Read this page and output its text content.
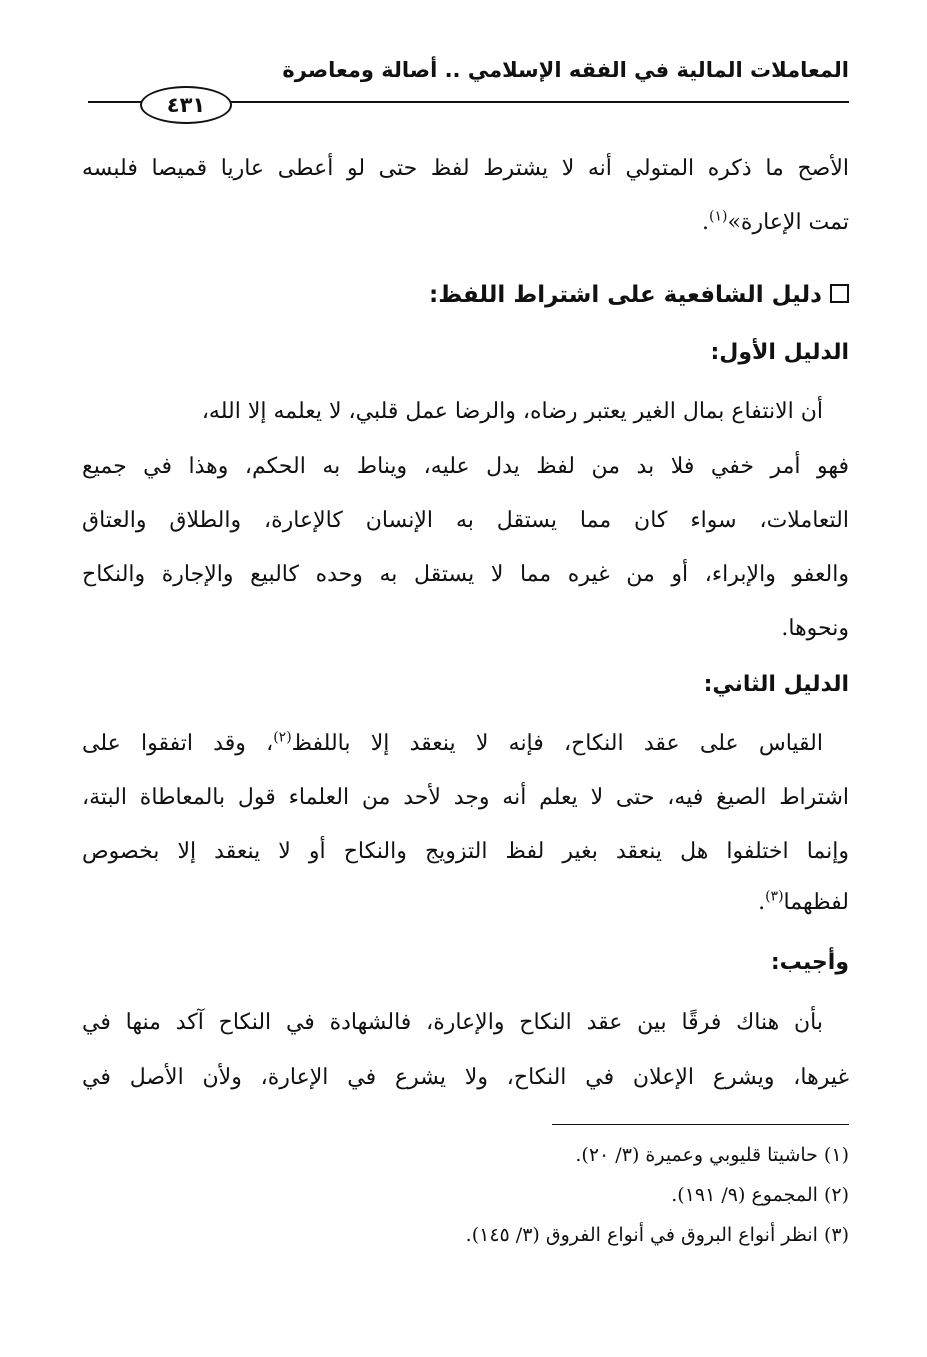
المعاملات المالية في الفقه الإسلامي .. أصالة ومعاصرة
٤٣١
الأصح ما ذكره المتولي أنه لا يشترط لفظ حتى لو أعطى عاريا قميصا فلبسه
تمت الإعارة»$^{(١)}$.
دليل الشافعية على اشتراط اللفظ:
الدليل الأول:
أن الانتفاع بمال الغير يعتبر رضاه، والرضا عمل قلبي، لا يعلمه إلا الله،
فهو أمر خفي فلا بد من لفظ يدل عليه، ويناط به الحكم، وهذا في جميع
التعاملات، سواء كان مما يستقل به الإنسان كالإعارة، والطلاق والعتاق
والعفو والإبراء، أو من غيره مما لا يستقل به وحده كالبيع والإجارة والنكاح
ونحوها.
الدليل الثاني:
القياس على عقد النكاح، فإنه لا ينعقد إلا باللفظ$^{(٢)}$، وقد اتفقوا على
اشتراط الصيغ فيه، حتى لا يعلم أنه وجد لأحد من العلماء قول بالمعاطاة البتة،
وإنما اختلفوا هل ينعقد بغير لفظ التزويج والنكاح أو لا ينعقد إلا بخصوص
لفظهما$^{(٣)}$.
وأجيب:
بأن هناك فرقًا بين عقد النكاح والإعارة، فالشهادة في النكاح آكد منها في
غيرها، ويشرع الإعلان في النكاح، ولا يشرع في الإعارة، ولأن الأصل في
(١) حاشيتا قليوبي وعميرة (٣/ ٢٠).
(٢) المجموع (٩/ ١٩١).
(٣) انظر أنواع البروق في أنواع الفروق (٣/ ١٤٥).
